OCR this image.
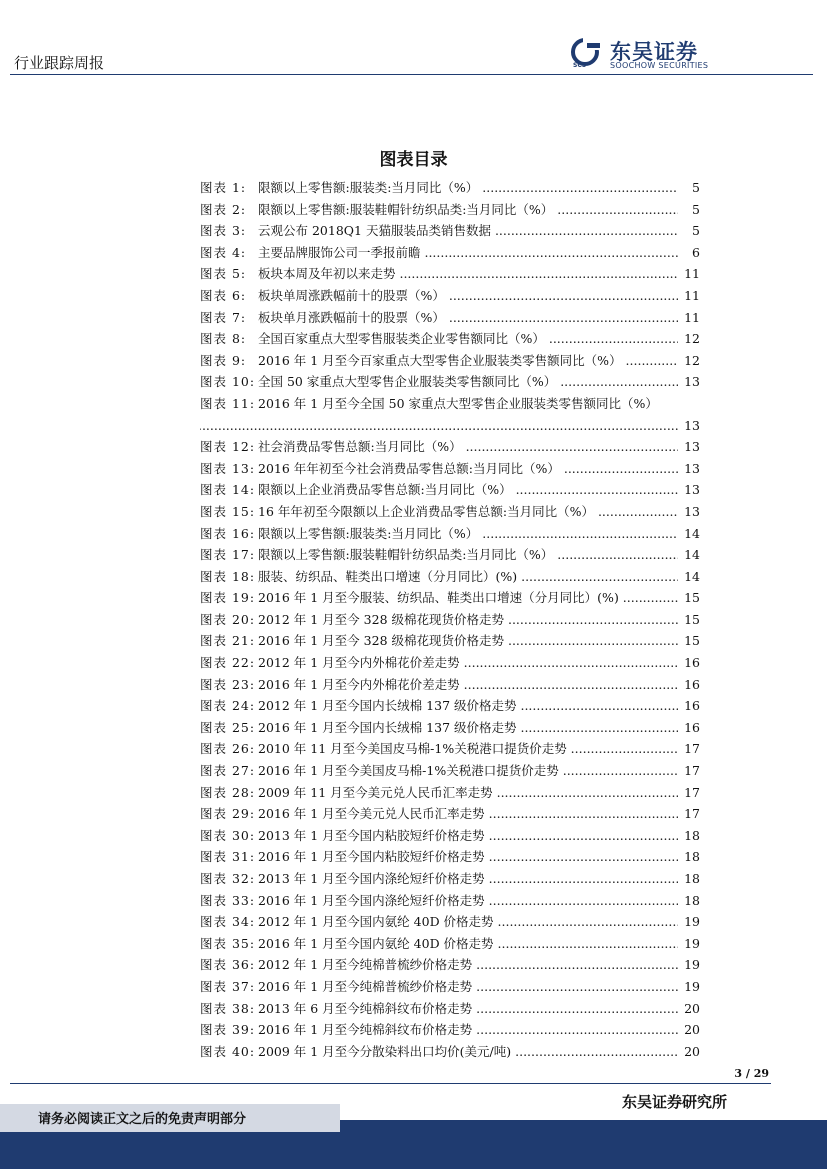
行业跟踪周报	SCS
东吴证券
SOOCHOW SECURITIES
图表目录
图表 1: 限额以上零售额:服装类:当月同比（%） .....	5
图表 2: 限额以上零售额:服装鞋帽针纺织品类:当月同比（%） .....	5
图表 3: 云观公布 2018Q1 天猫服装品类销售数据 .....	5
图表 4: 主要品牌服饰公司一季报前瞻 .....	6
图表 5: 板块本周及年初以来走势 .....	11
图表 6: 板块单周涨跌幅前十的股票（%） .....	11
图表 7: 板块单月涨跌幅前十的股票（%） .....	11
图表 8: 全国百家重点大型零售服装类企业零售额同比（%） .....	12
图表 9: 2016 年 1 月至今百家重点大型零售企业服装类零售额同比（%） .....	12
图表 10: 全国 50 家重点大型零售企业服装类零售额同比（%） .....	13
图表 11: 2016 年 1 月至今全国 50 家重点大型零售企业服装类零售额同比（%）
.....
13
图表 12: 社会消费品零售总额:当月同比（%） .....	13
图表 13: 2016 年年初至今社会消费品零售总额:当月同比（%） .....	13
图表 14: 限额以上企业消费品零售总额:当月同比（%） .....	13
图表 15: 16 年年初至今限额以上企业消费品零售总额:当月同比（%） .....	13
图表 16: 限额以上零售额:服装类:当月同比（%） .....	14
图表 17: 限额以上零售额:服装鞋帽针纺织品类:当月同比（%） .....	14
图表 18: 服装、纺织品、鞋类出口增速（分月同比）(%) .....	14
图表 19: 2016 年 1 月至今服装、纺织品、鞋类出口增速（分月同比）(%) .....	15
图表 20: 2012 年 1 月至今 328 级棉花现货价格走势 .....	15
图表 21: 2016 年 1 月至今 328 级棉花现货价格走势 .....	15
图表 22: 2012 年 1 月至今内外棉花价差走势 .....	16
图表 23: 2016 年 1 月至今内外棉花价差走势 .....	16
图表 24: 2012 年 1 月至今国内长绒棉 137 级价格走势 .....	16
图表 25: 2016 年 1 月至今国内长绒棉 137 级价格走势 .....	16
图表 26: 2010 年 11 月至今美国皮马棉-1%关税港口提货价走势 .....	17
图表 27: 2016 年 1 月至今美国皮马棉-1%关税港口提货价走势 .....	17
图表 28: 2009 年 11 月至今美元兑人民币汇率走势 .....	17
图表 29: 2016 年 1 月至今美元兑人民币汇率走势 .....	17
图表 30: 2013 年 1 月至今国内粘胶短纤价格走势 .....	18
图表 31: 2016 年 1 月至今国内粘胶短纤价格走势 .....	18
图表 32: 2013 年 1 月至今国内涤纶短纤价格走势 .....	18
图表 33: 2016 年 1 月至今国内涤纶短纤价格走势 .....	18
图表 34: 2012 年 1 月至今国内氨纶 40D 价格走势 .....	19
图表 35: 2016 年 1 月至今国内氨纶 40D 价格走势 .....	19
图表 36: 2012 年 1 月至今纯棉普梳纱价格走势 .....	19
图表 37: 2016 年 1 月至今纯棉普梳纱价格走势 .....	19
图表 38: 2013 年 6 月至今纯棉斜纹布价格走势 .....	20
图表 39: 2016 年 1 月至今纯棉斜纹布价格走势 .....	20
图表 40: 2009 年 1 月至今分散染料出口均价(美元/吨) .....	20
3 / 29
东吴证券研究所
请务必阅读正文之后的免责声明部分
